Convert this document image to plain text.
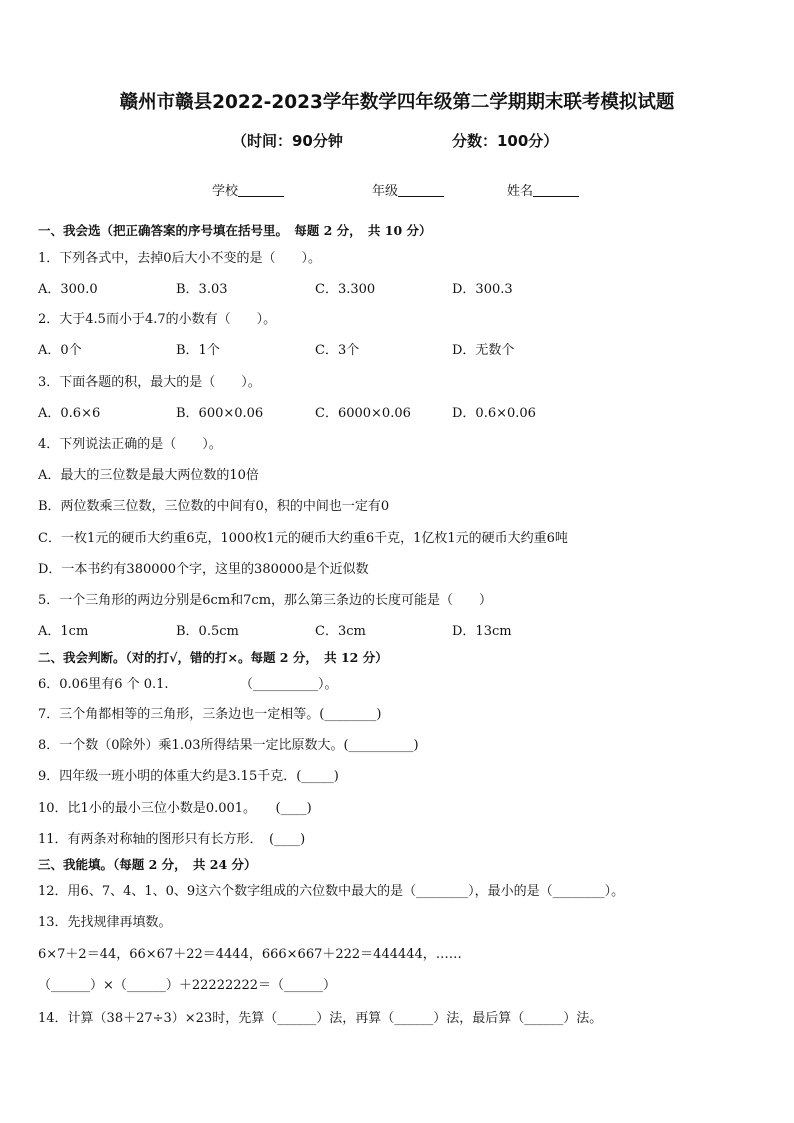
赣州市赣县2022-2023学年数学四年级第二学期期末联考模拟试题
（时间：90分钟	分数：100分）
学校	年级	姓名
一、我会选（把正确答案的序号填在括号里。　每题 2 分，　共 10 分）
1．下列各式中，去掉0后大小不变的是（　　）。
A．300.0	B．3.03	C．3.300	D．300.3
2．大于4.5而小于4.7的小数有（　　）。
A．0个	B．1个	C．3个	D．无数个
3．下面各题的积，最大的是（　　）。
A．0.6×6	B．600×0.06	C．6000×0.06	D．0.6×0.06
4．下列说法正确的是（　　）。
A．最大的三位数是最大两位数的10倍
B．两位数乘三位数，三位数的中间有0，积的中间也一定有0
C．一枚1元的硬币大约重6克，1000枚1元的硬币大约重6千克，1亿枚1元的硬币大约重6吨
D．一本书约有380000个字，这里的380000是个近似数
5．一个三角形的两边分别是6cm和7cm，那么第三条边的长度可能是（　　）
A．1cm	B．0.5cm	C．3cm	D．13cm
二、我会判断。（对的打√，错的打×。每题 2 分，　共 12 分）
6．0.06里有6 个 0.1.　　　　　　（__________）。
7．三个角都相等的三角形，三条边也一定相等。(________)
8．一个数（0除外）乘1.03所得结果一定比原数大。(__________)
9．四年级一班小明的体重大约是3.15千克．(_____)
10．比1小的最小三位小数是0.001。　　(____)
11．有两条对称轴的图形只有长方形．　(____)
三、我能填。（每题 2 分，　共 24 分）
12．用6、7、4、1、0、9这六个数字组成的六位数中最大的是（________），最小的是（________）。
13．先找规律再填数。
6×7＋2＝44，66×67＋22＝4444，666×667＋222＝444444，……
（______）×（______）＋22222222＝（______）
14．计算（38＋27÷3）×23时，先算（______）法，再算（______）法，最后算（______）法。
